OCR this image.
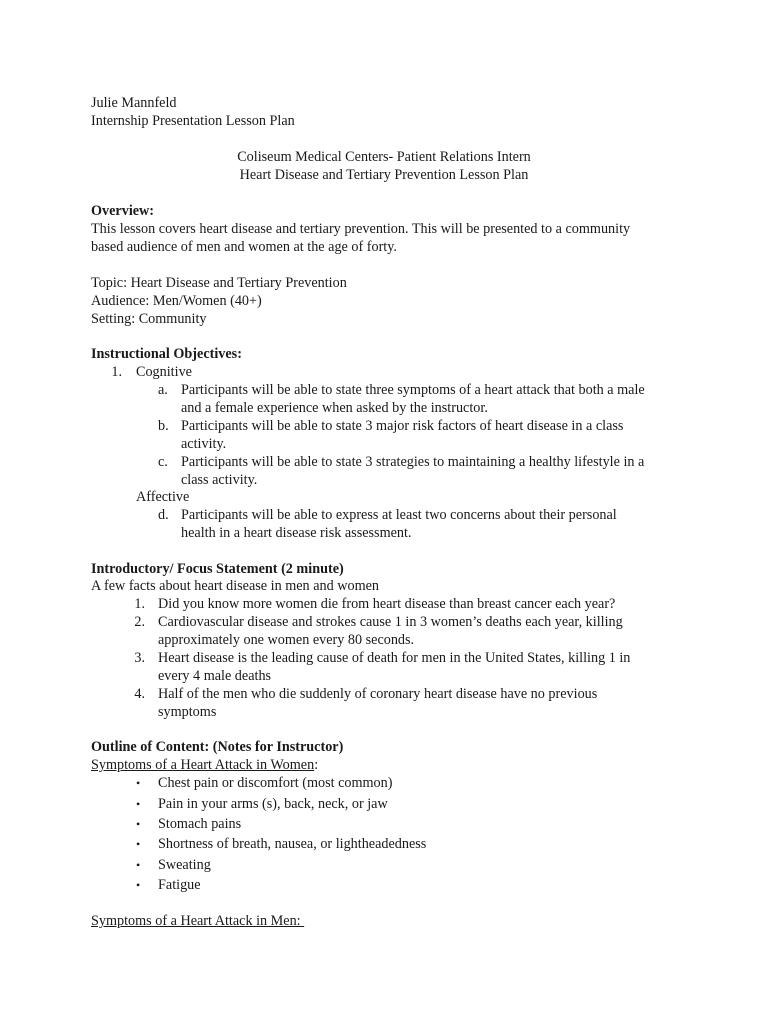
Julie Mannfeld
Internship Presentation Lesson Plan
Coliseum Medical Centers- Patient Relations Intern
Heart Disease and Tertiary Prevention Lesson Plan
Overview:
This lesson covers heart disease and tertiary prevention. This will be presented to a community
based audience of men and women at the age of forty.
Topic: Heart Disease and Tertiary Prevention
Audience: Men/Women (40+)
Setting: Community
Instructional Objectives:
1. Cognitive
a. Participants will be able to state three symptoms of a heart attack that both a male
and a female experience when asked by the instructor.
b. Participants will be able to state 3 major risk factors of heart disease in a class
activity.
c. Participants will be able to state 3 strategies to maintaining a healthy lifestyle in a
class activity.
Affective
d. Participants will be able to express at least two concerns about their personal
health in a heart disease risk assessment.
Introductory/ Focus Statement (2 minute)
A few facts about heart disease in men and women
1. Did you know more women die from heart disease than breast cancer each year?
2. Cardiovascular disease and strokes cause 1 in 3 women’s deaths each year, killing
approximately one women every 80 seconds.
3. Heart disease is the leading cause of death for men in the United States, killing 1 in
every 4 male deaths
4. Half of the men who die suddenly of coronary heart disease have no previous
symptoms
Outline of Content: (Notes for Instructor)
Symptoms of a Heart Attack in Women:
• Chest pain or discomfort (most common)
• Pain in your arms (s), back, neck, or jaw
• Stomach pains
• Shortness of breath, nausea, or lightheadedness
• Sweating
• Fatigue
Symptoms of a Heart Attack in Men:
